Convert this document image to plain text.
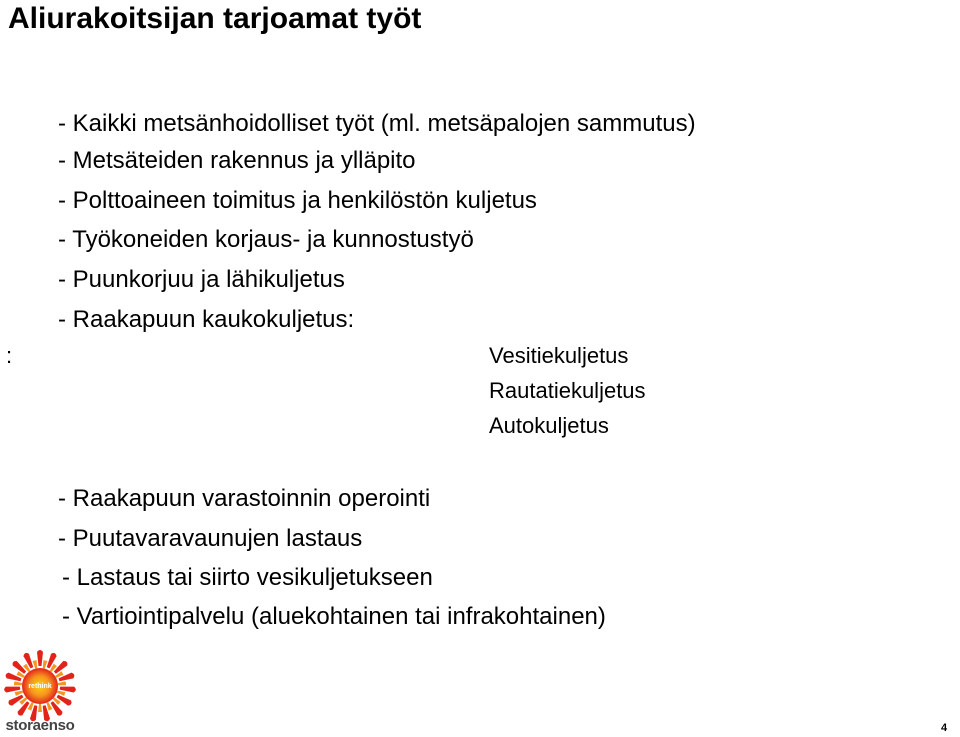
Aliurakoitsijan tarjoamat työt
- Kaikki metsänhoidolliset työt (ml. metsäpalojen sammutus)
- Metsäteiden rakennus ja ylläpito
- Polttoaineen toimitus ja henkilöstön kuljetus
- Työkoneiden korjaus- ja kunnostustyö
- Puunkorjuu ja lähikuljetus
- Raakapuun kaukokuljetus:
:	Vesitiekuljetus
Rautatiekuljetus
Autokuljetus
- Raakapuun varastoinnin operointi
- Puutavaravaunujen lastaus
- Lastaus tai siirto vesikuljetukseen
- Vartiointipalvelu (aluekohtainen tai infrakohtainen)
rethink
storaenso	4
